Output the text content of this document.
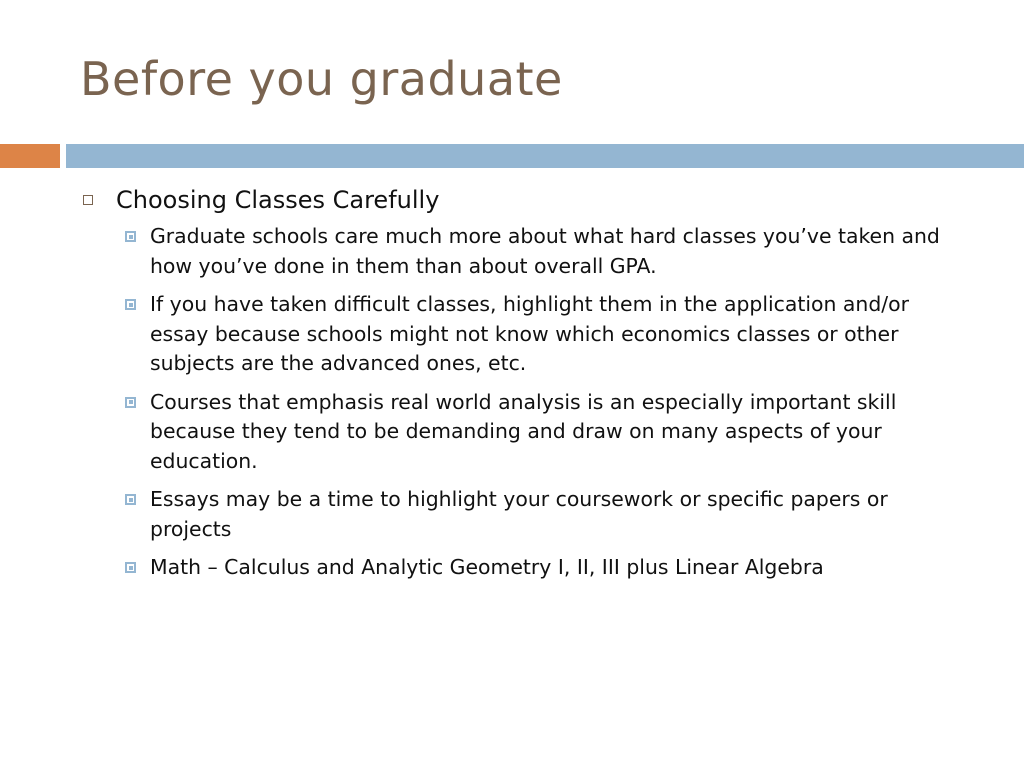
Before you graduate
Choosing Classes Carefully
Graduate schools care much more about what hard classes you’ve taken and how you’ve done in them than about overall GPA.
If you have taken difficult classes, highlight them in the application and/or essay because schools might not know which economics classes or other subjects are the advanced ones, etc.
Courses that emphasis real world analysis is an especially important skill because they tend to be demanding and draw on many aspects of your education.
Essays may be a time to highlight your coursework or specific papers or projects
Math – Calculus and Analytic Geometry I, II, III plus Linear Algebra
